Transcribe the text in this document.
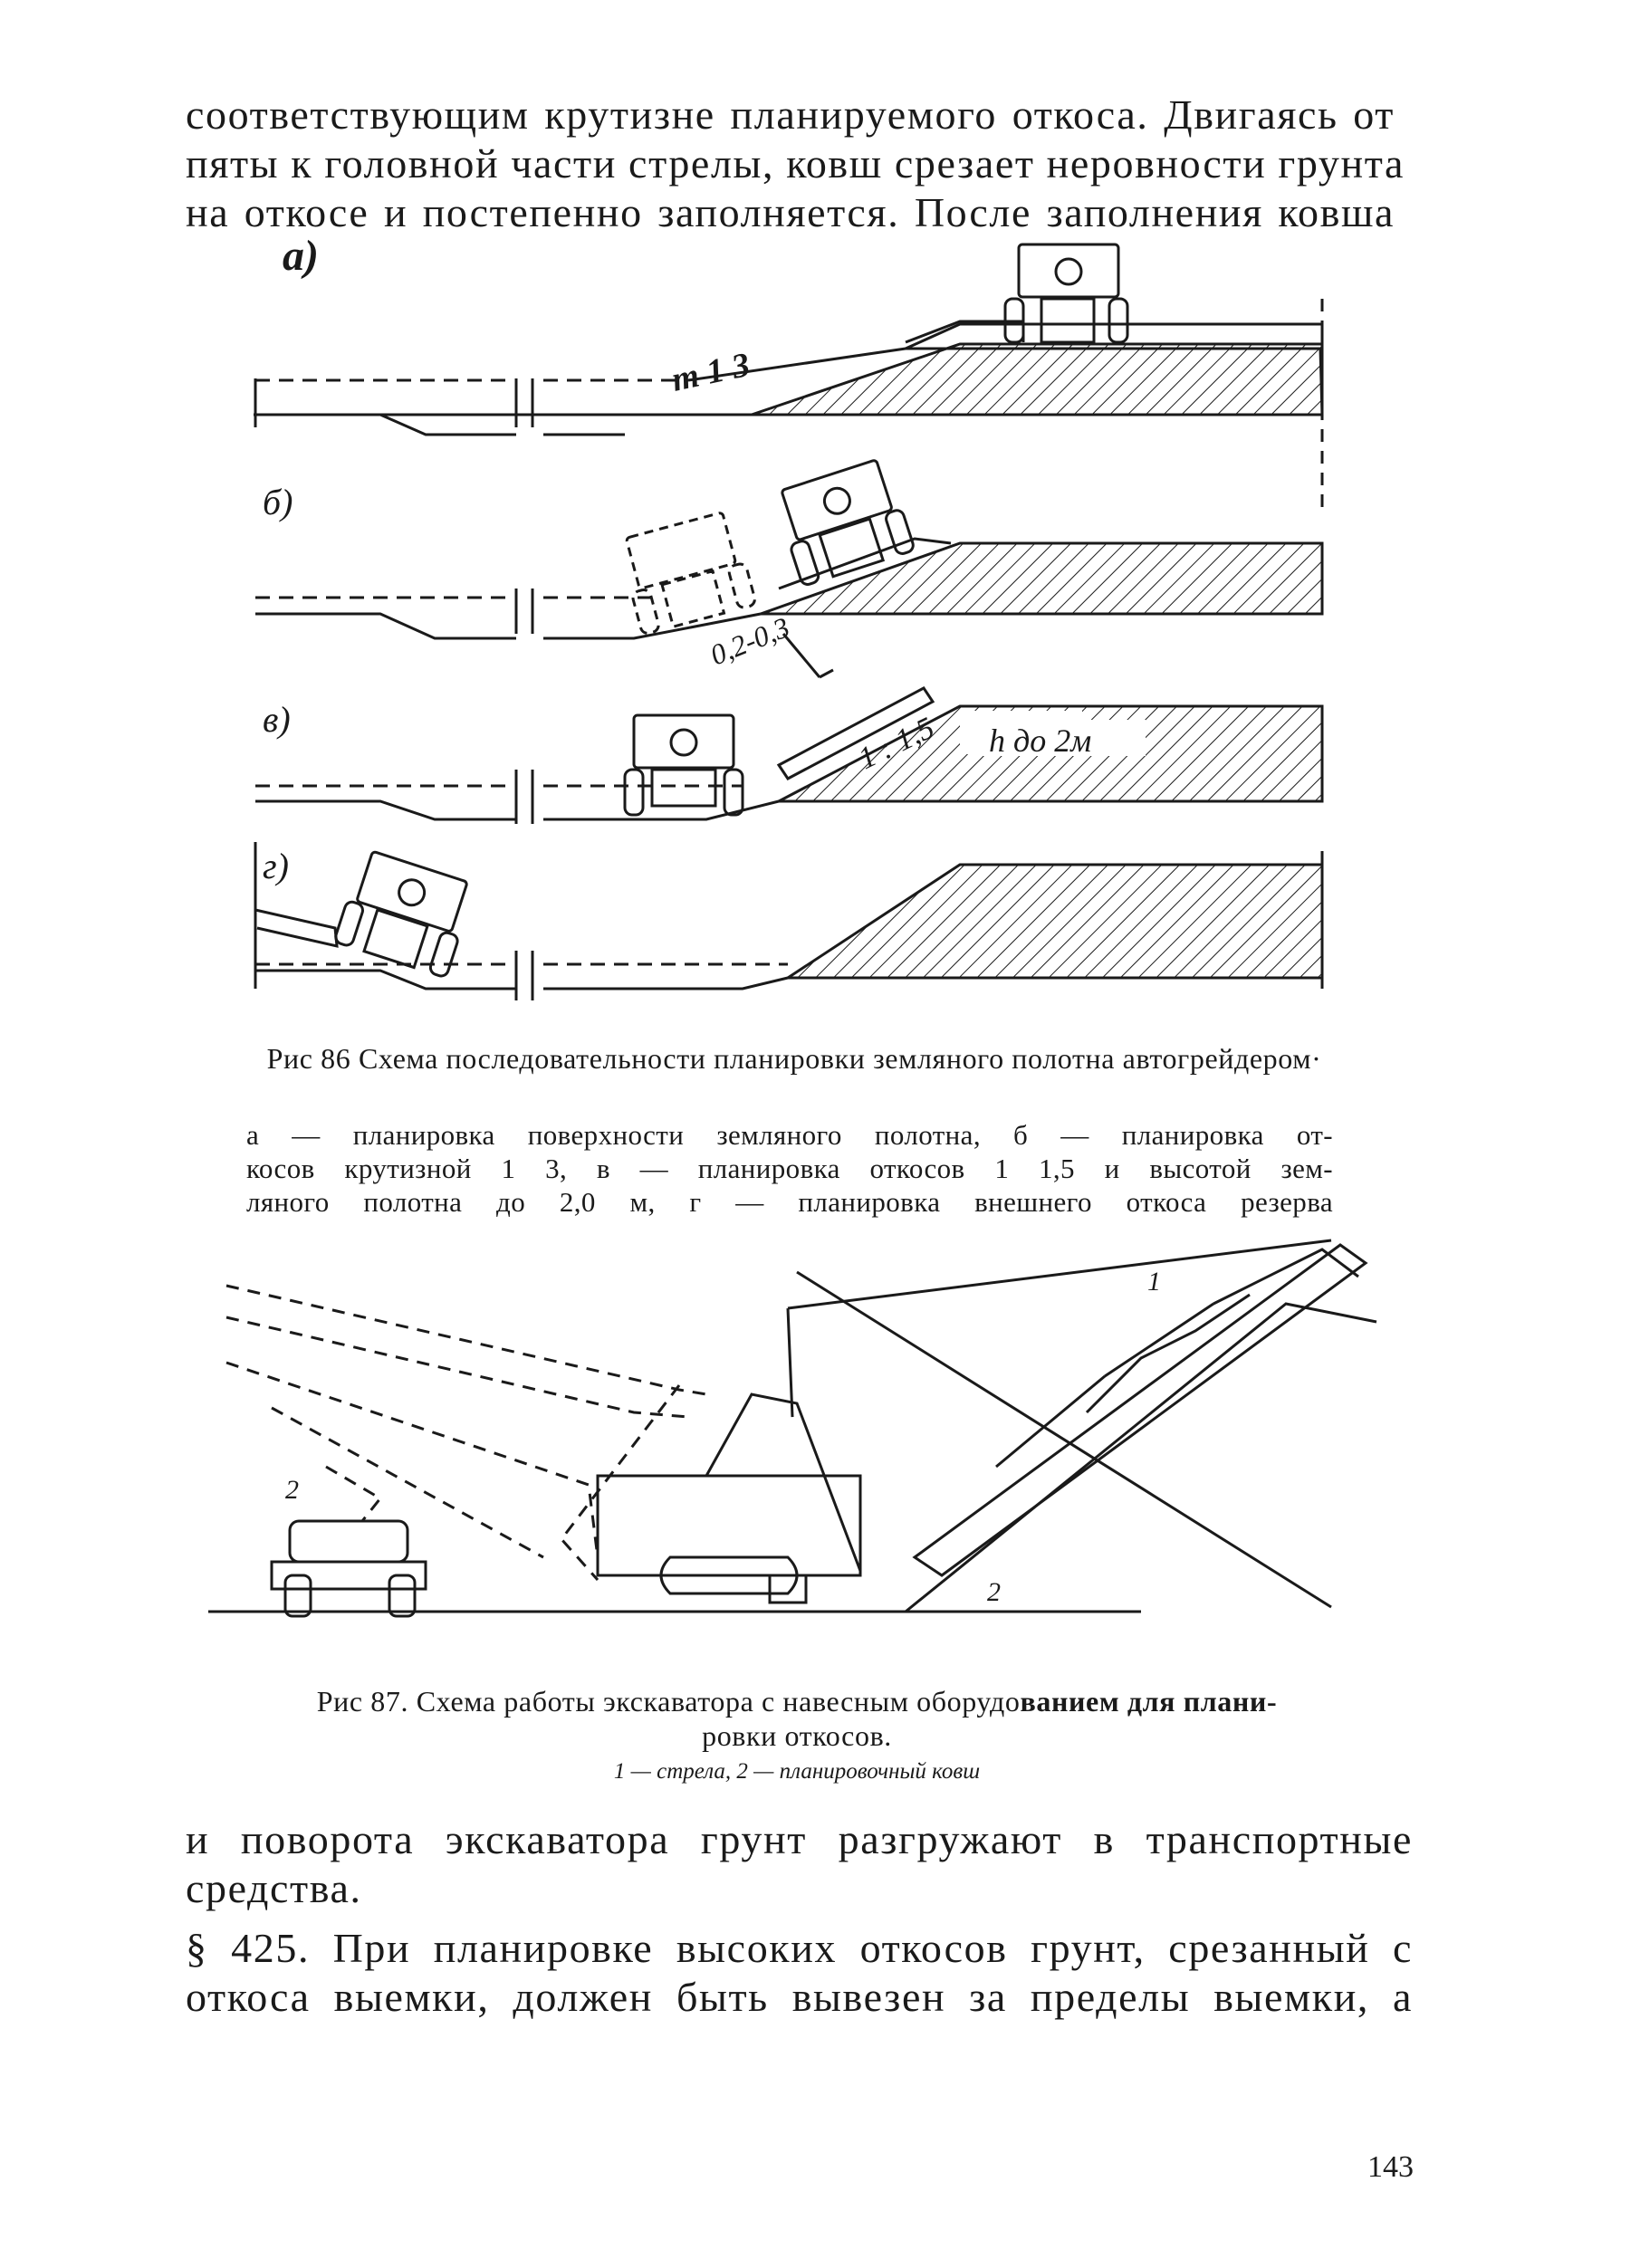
соответствующим крутизне планируемого откоса. Двигаясь от
пяты к головной части стрелы, ковш срезает неровности грунта
на откосе и постепенно заполняется. После заполнения ковша
а)
б)
в)
г)
m 1 3
0,2-0,3
1 : 1,5 h до 2м
1
2
2
Рис 86 Схема последовательности планировки земляного полотна автогрейдером·
а — планировка поверхности земляного полотна, б — планировка от-
косов крутизной 1 3, в — планировка откосов 1 1,5 и высотой зем-
ляного полотна до 2,0 м, г — планировка внешнего откоса резерва
Рис 87. Схема работы экскаватора с навесным оборудованием для плани-
ровки откосов.
1 — стрела, 2 — планировочный ковш
и поворота экскаватора грунт разгружают в транспортные
средства.
§ 425. При планировке высоких откосов грунт, срезанный с
откоса выемки, должен быть вывезен за пределы выемки, а
143
